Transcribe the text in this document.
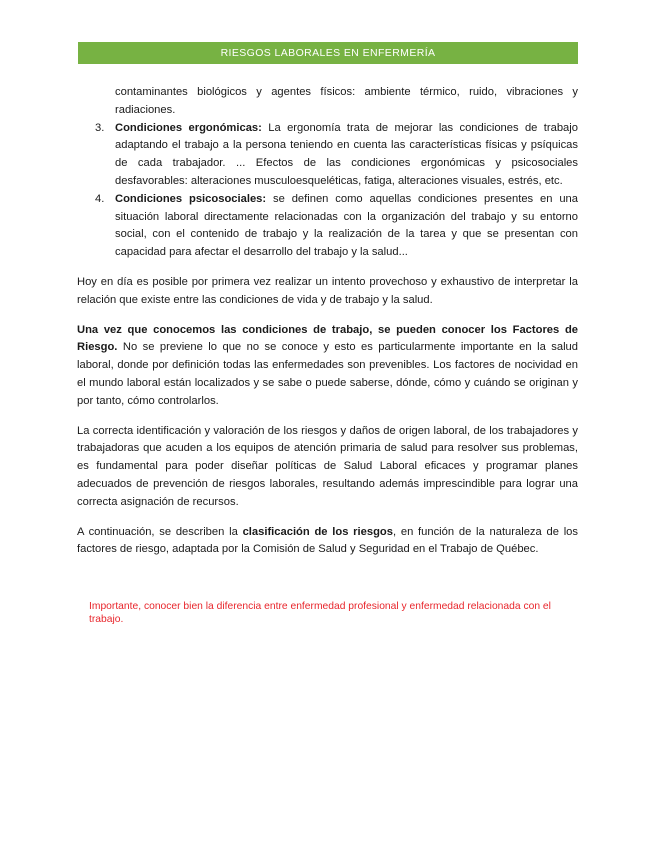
RIESGOS LABORALES EN ENFERMERÍA
contaminantes biológicos y agentes físicos: ambiente térmico, ruido, vibraciones y radiaciones.
3. Condiciones ergonómicas: La ergonomía trata de mejorar las condiciones de trabajo adaptando el trabajo a la persona teniendo en cuenta las características físicas y psíquicas de cada trabajador. ... Efectos de las condiciones ergonómicas y psicosociales desfavorables: alteraciones musculoesqueléticas, fatiga, alteraciones visuales, estrés, etc.
4. Condiciones psicosociales: se definen como aquellas condiciones presentes en una situación laboral directamente relacionadas con la organización del trabajo y su entorno social, con el contenido de trabajo y la realización de la tarea y que se presentan con capacidad para afectar el desarrollo del trabajo y la salud...

Hoy en día es posible por primera vez realizar un intento provechoso y exhaustivo de interpretar la relación que existe entre las condiciones de vida y de trabajo y la salud.

Una vez que conocemos las condiciones de trabajo, se pueden conocer los Factores de Riesgo. No se previene lo que no se conoce y esto es particularmente importante en la salud laboral, donde por definición todas las enfermedades son prevenibles. Los factores de nocividad en el mundo laboral están localizados y se sabe o puede saberse, dónde, cómo y cuándo se originan y por tanto, cómo controlarlos.

La correcta identificación y valoración de los riesgos y daños de origen laboral, de los trabajadores y trabajadoras que acuden a los equipos de atención primaria de salud para resolver sus problemas, es fundamental para poder diseñar políticas de Salud Laboral eficaces y programar planes adecuados de prevención de riesgos laborales, resultando además imprescindible para lograr una correcta asignación de recursos.

A continuación, se describen la clasificación de los riesgos, en función de la naturaleza de los factores de riesgo, adaptada por la Comisión de Salud y Seguridad en el Trabajo de Québec.

Importante, conocer bien la diferencia entre enfermedad profesional y enfermedad relacionada con el trabajo.
